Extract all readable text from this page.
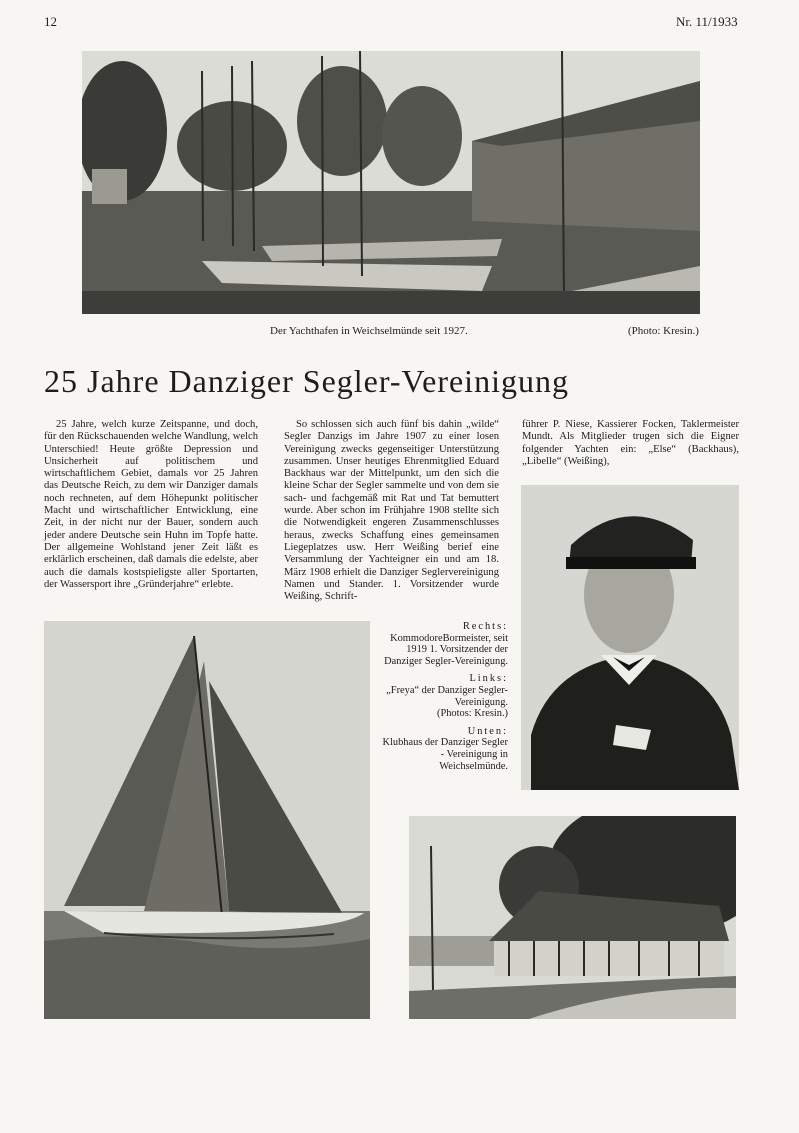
12	Nr. 11/1933
Der Yachthafen in Weichselmünde seit 1927.	(Photo: Kresin.)
25 Jahre Danziger Segler-Vereinigung

25 Jahre, welch kurze Zeitspanne, und doch, für den Rückschauenden welche Wandlung, welch Unterschied! Heute größte Depression und Unsicherheit auf politischem und wirtschaftlichem Gebiet, damals vor 25 Jahren das Deutsche Reich, zu dem wir Danziger damals noch rechneten, auf dem Höhepunkt politischer Macht und wirtschaftlicher Entwicklung, eine Zeit, in der nicht nur der Bauer, sondern auch jeder andere Deutsche sein Huhn im Topfe hatte. Der allgemeine Wohlstand jener Zeit läßt es erklärlich erscheinen, daß damals die edelste, aber auch die damals kostspieligste aller Sportarten, der Wassersport ihre „Gründerjahre“ erlebte.

So schlossen sich auch fünf bis dahin „wilde“ Segler Danzigs im Jahre 1907 zu einer losen Vereinigung zwecks gegenseitiger Unterstützung zusammen. Unser heutiges Ehrenmitglied Eduard Backhaus war der Mittelpunkt, um den sich die kleine Schar der Segler sammelte und von dem sie sach- und fachgemäß mit Rat und Tat bemuttert wurde. Aber schon im Frühjahre 1908 stellte sich die Notwendigkeit engeren Zusammenschlusses heraus, zwecks Schaffung eines gemeinsamen Liegeplatzes usw. Herr Weißing berief eine Versammlung der Yachteigner ein und am 18. März 1908 erhielt die Danziger Seglervereinigung Namen und Stander. 1. Vorsitzender wurde Weißing, Schrift-

führer P. Niese, Kassierer Focken, Taklermeister Mundt. Als Mitglieder trugen sich die Eigner folgender Yachten ein: „Else“ (Backhaus), „Libelle“ (Weißing),

Rechts:
KommodoreBormeister, seit 1919 1. Vorsitzender der Danziger Segler-Vereinigung.
Links:
„Freya“ der Danziger Segler-Vereinigung.
(Photos: Kresin.)
Unten:
Klubhaus der Danziger Segler - Vereinigung in Weichselmünde.
